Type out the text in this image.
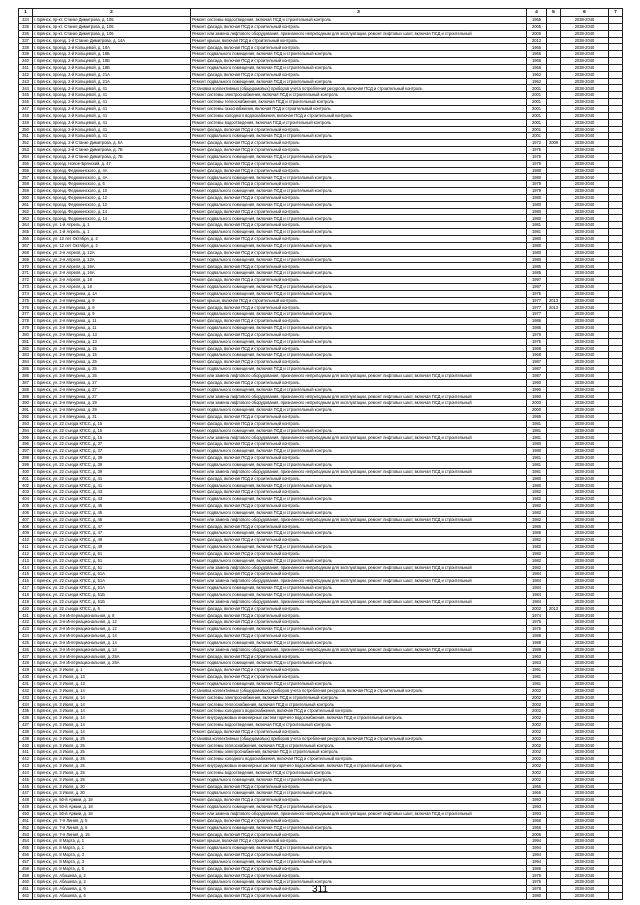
1	2	3	4	5	6	7
334	г. Брянск, пр-кт. Станке Димитрова, д. 105	Ремонт системы водоотведения, включая ПСД и строительный контроль	1965		2038-2040	
335	г. Брянск, пр-кт. Станке Димитрова, д. 106	Ремонт фасада, включая ПСД и строительный контроль	2005		2038-2040	
336	г. Брянск, пр-кт. Станке Димитрова, д. 106	Ремонт или замена лифтового оборудования, признанного непригодным для эксплуатации, ремонт лифтовых шахт, включая ПСД и строительный	2005		2038-2040	
337	г. Брянск, проезд. 1-й Станке Димитрова, д. 14А	Ремонт крыши, включая ПСД и строительный контроль	2013		2038-2040	
338	г. Брянск, проезд. 2-й Кольцевой, д. 18А	Ремонт фасада, включая ПСД и строительный контроль	1966		2038-2040	
339	г. Брянск, проезд. 2-й Кольцевой, д. 18Б	Ремонт подвального помещения, включая ПСД и строительный контроль	1966		2038-2040	
340	г. Брянск, проезд. 2-й Кольцевой, д. 18Б	Ремонт фасада, включая ПСД и строительный контроль	1966		2038-2040	
341	г. Брянск, проезд. 2-й Кольцевой, д. 18Б	Ремонт подвального помещения, включая ПСД и строительный контроль	1966		2038-2040	
342	г. Брянск, проезд. 2-й Кольцевой, д. 21А	Ремонт фасада, включая ПСД и строительный контроль	1962		2038-2040	
343	г. Брянск, проезд. 2-й Кольцевой, д. 21А	Ремонт подвального помещения, включая ПСД и строительный контроль	1962		2038-2040	
344	г. Брянск, проезд. 2-й Кольцевой, д. 41	Установка коллективных (общедомовых) приборов учета потребления ресурсов, включая ПСД и строительный контроль	2001		2038-2040	
345	г. Брянск, проезд. 2-й Кольцевой, д. 41	Ремонт системы электроснабжения, включая ПСД и строительный контроль	2001		2038-2040	
346	г. Брянск, проезд. 2-й Кольцевой, д. 41	Ремонт системы теплоснабжения, включая ПСД и строительный контроль	2001		2038-2040	
347	г. Брянск, проезд. 2-й Кольцевой, д. 41	Ремонт системы газоснабжения, включая ПСД и строительный контроль	2001		2038-2040	
348	г. Брянск, проезд. 2-й Кольцевой, д. 41	Ремонт системы холодного водоснабжения, включая ПСД и строительный контроль	2001		2038-2040	
349	г. Брянск, проезд. 2-й Кольцевой, д. 41	Ремонт системы водоотведения, включая ПСД и строительный контроль	2001		2038-2040	
350	г. Брянск, проезд. 2-й Кольцевой, д. 41	Ремонт фасада, включая ПСД и строительный контроль	2001		2038-2040	
351	г. Брянск, проезд. 2-й Кольцевой, д. 41	Ремонт подвального помещения, включая ПСД и строительный контроль	2001		2038-2040	
352	г. Брянск, проезд. 2-й Станке Димитрова, д. 5А	Ремонт фасада, включая ПСД и строительный контроль	1972	2009	2038-2040	
353	г. Брянск, проезд. 2-й Станке Димитрова, д. 7Б	Ремонт фасада, включая ПСД и строительный контроль	1976		2038-2040	
354	г. Брянск, проезд. 2-й Станке Димитрова, д. 7Б	Ремонт подвального помещения, включая ПСД и строительный контроль	1976		2038-2040	
355	г. Брянск, проезд. Новое-Брянский, д. 47	Ремонт фасада, включая ПСД и строительный контроль	1976		2038-2040	
356	г. Брянск, проезд. Федюнинского, д. 4А	Ремонт фасада, включая ПСД и строительный контроль	1980		2038-2040	
357	г. Брянск, проезд. Федюнинского, д. 4А	Ремонт подвального помещения, включая ПСД и строительный контроль	1980		2038-2040	
358	г. Брянск, проезд. Федюнинского, д. 6	Ремонт фасада, включая ПСД и строительный контроль	1979		2038-2040	
359	г. Брянск, проезд. Федюнинского, д. 10	Ремонт подвального помещения, включая ПСД и строительный контроль	1979		2038-2040	
360	г. Брянск, проезд. Федюнинского, д. 12	Ремонт фасада, включая ПСД и строительный контроль	1980		2038-2040	
361	г. Брянск, проезд. Федюнинского, д. 12	Ремонт подвального помещения, включая ПСД и строительный контроль	1980		2038-2040	
362	г. Брянск, проезд. Федюнинского, д. 14	Ремонт фасада, включая ПСД и строительный контроль	1980		2038-2040	
363	г. Брянск, проезд. Федюнинского, д. 14	Ремонт подвального помещения, включая ПСД и строительный контроль	1980		2038-2040	
364	г. Брянск, ул. 1-й Апрель, д. 1	Ремонт фасада, включая ПСД и строительный контроль	1981		2038-2040	
365	г. Брянск, ул. 1-й Апрель, д. 1	Ремонт подвального помещения, включая ПСД и строительный контроль	1981		2038-2040	
366	г. Брянск, ул. 12 лет Октября, д. 2	Ремонт фасада, включая ПСД и строительный контроль	1980		2038-2040	
367	г. Брянск, ул. 12 лет Октября, д. 2	Ремонт подвального помещения, включая ПСД и строительный контроль	1980		2038-2040	
368	г. Брянск, ул. 2-я Апреля, д. 12А	Ремонт фасада, включая ПСД и строительный контроль	1980		2038-2040	
369	г. Брянск, ул. 2-я Апреля, д. 12А	Ремонт подвального помещения, включая ПСД и строительный контроль	1980		2038-2040	
370	г. Брянск, ул. 2-я Апреля, д. 16А	Ремонт фасада, включая ПСД и строительный контроль	1985		2038-2040	
371	г. Брянск, ул. 2-я Апреля, д. 16А	Ремонт подвального помещения, включая ПСД и строительный контроль	1985		2038-2040	
372	г. Брянск, ул. 2-я Апреля, д. 18	Ремонт фасада, включая ПСД и строительный контроль	1997		2038-2040	
373	г. Брянск, ул. 2-я Апреля, д. 18	Ремонт подвального помещения, включая ПСД и строительный контроль	1997		2038-2040	
374	г. Брянск, ул. 2-я Мичурина, д. 1А	Ремонт подвального помещения, включая ПСД и строительный контроль	1976		2038-2040	
375	г. Брянск, ул. 2-я Мичурина, д. 9	Ремонт крыши, включая ПСД и строительный контроль	1977	2013	2038-2040	
376	г. Брянск, ул. 2-я Мичурина, д. 9	Ремонт фасада, включая ПСД и строительный контроль	1977	2013	2038-2040	
377	г. Брянск, ул. 2-я Мичурина, д. 9	Ремонт подвального помещения, включая ПСД и строительный контроль	1977		2038-2040	
378	г. Брянск, ул. 2-я Мичурина, д. 11	Ремонт фасада, включая ПСД и строительный контроль	1986		2038-2040	
379	г. Брянск, ул. 2-я Мичурина, д. 11	Ремонт подвального помещения, включая ПСД и строительный контроль	1986		2038-2040	
380	г. Брянск, ул. 2-я Мичурина, д. 13	Ремонт фасада, включая ПСД и строительный контроль	1976		2038-2040	
381	г. Брянск, ул. 2-я Мичурина, д. 13	Ремонт подвального помещения, включая ПСД и строительный контроль	1976		2038-2040	
382	г. Брянск, ул. 2-я Мичурина, д. 15	Ремонт фасада, включая ПСД и строительный контроль	1968		2038-2040	
383	г. Брянск, ул. 2-я Мичурина, д. 15	Ремонт подвального помещения, включая ПСД и строительный контроль	1968		2038-2040	
384	г. Брянск, ул. 2-я Мичурина, д. 25	Ремонт фасада, включая ПСД и строительный контроль	1987		2038-2040	
385	г. Брянск, ул. 2-я Мичурина, д. 25	Ремонт подвального помещения, включая ПСД и строительный контроль	1987		2038-2040	
386	г. Брянск, ул. 2-я Мичурина, д. 25	Ремонт или замена лифтового оборудования, признанного непригодным для эксплуатации, ремонт лифтовых шахт, включая ПСД и строительный	1987		2038-2040	
387	г. Брянск, ул. 2-я Мичурина, д. 27	Ремонт фасада, включая ПСД и строительный контроль	1990		2038-2040	
388	г. Брянск, ул. 2-я Мичурина, д. 27	Ремонт подвального помещения, включая ПСД и строительный контроль	1990		2038-2040	
389	г. Брянск, ул. 2-я Мичурина, д. 27	Ремонт или замена лифтового оборудования, признанного непригодным для эксплуатации, ремонт лифтовых шахт, включая ПСД и строительный	1990		2038-2040	
390	г. Брянск, ул. 2-я Мичурина, д. 29	Ремонт или замена лифтового оборудования, признанного непригодным для эксплуатации, ремонт лифтовых шахт, включая ПСД и строительный	2000		2038-2040	
391	г. Брянск, ул. 2-я Мичурина, д. 29	Ремонт подвального помещения, включая ПСД и строительный контроль	2000		2038-2040	
392	г. Брянск, ул. 2-я Мичурина, д. 31	Ремонт фасада, включая ПСД и строительный контроль	1995		2038-2040	
393	г. Брянск, ул. 22 съезда КПСС, д. 15	Ремонт фасада, включая ПСД и строительный контроль	1981		2038-2040	
394	г. Брянск, ул. 22 съезда КПСС, д. 15	Ремонт подвального помещения, включая ПСД и строительный контроль	1981		2038-2040	
395	г. Брянск, ул. 22 съезда КПСС, д. 15	Ремонт или замена лифтового оборудования, признанного непригодным для эксплуатации, ремонт лифтовых шахт, включая ПСД и строительный	1981		2038-2040	
396	г. Брянск, ул. 22 съезда КПСС, д. 37	Ремонт фасада, включая ПСД и строительный контроль	1980		2038-2040	
397	г. Брянск, ул. 22 съезда КПСС, д. 37	Ремонт подвального помещения, включая ПСД и строительный контроль	1980		2038-2040	
398	г. Брянск, ул. 22 съезда КПСС, д. 39	Ремонт фасада, включая ПСД и строительный контроль	1981		2038-2040	
399	г. Брянск, ул. 22 съезда КПСС, д. 39	Ремонт подвального помещения, включая ПСД и строительный контроль	1981		2038-2040	
400	г. Брянск, ул. 22 съезда КПСС, д. 39	Ремонт или замена лифтового оборудования, признанного непригодным для эксплуатации, ремонт лифтовых шахт, включая ПСД и строительный	1981		2038-2040	
401	г. Брянск, ул. 22 съезда КПСС, д. 41	Ремонт фасада, включая ПСД и строительный контроль	1980		2038-2040	
402	г. Брянск, ул. 22 съезда КПСС, д. 41	Ремонт подвального помещения, включая ПСД и строительный контроль	1980		2038-2040	
403	г. Брянск, ул. 22 съезда КПСС, д. 43	Ремонт фасада, включая ПСД и строительный контроль	1982		2038-2040	
404	г. Брянск, ул. 22 съезда КПСС, д. 43	Ремонт подвального помещения, включая ПСД и строительный контроль	1982		2038-2040	
405	г. Брянск, ул. 22 съезда КПСС, д. 45	Ремонт фасада, включая ПСД и строительный контроль	1982		2038-2040	
406	г. Брянск, ул. 22 съезда КПСС, д. 45	Ремонт подвального помещения, включая ПСД и строительный контроль	1982		2038-2040	
407	г. Брянск, ул. 22 съезда КПСС, д. 45	Ремонт или замена лифтового оборудования, признанного непригодным для эксплуатации, ремонт лифтовых шахт, включая ПСД и строительный	1982		2038-2040	
408	г. Брянск, ул. 22 съезда КПСС, д. 47	Ремонт фасада, включая ПСД и строительный контроль	1986		2038-2040	
409	г. Брянск, ул. 22 съезда КПСС, д. 47	Ремонт подвального помещения, включая ПСД и строительный контроль	1986		2038-2040	
410	г. Брянск, ул. 22 съезда КПСС, д. 49	Ремонт фасада, включая ПСД и строительный контроль	1982		2038-2040	
411	г. Брянск, ул. 22 съезда КПСС, д. 49	Ремонт подвального помещения, включая ПСД и строительный контроль	1982		2038-2040	
412	г. Брянск, ул. 22 съезда КПСС, д. 51	Ремонт фасада, включая ПСД и строительный контроль	1982		2038-2040	
413	г. Брянск, ул. 22 съезда КПСС, д. 51	Ремонт подвального помещения, включая ПСД и строительный контроль	1982		2038-2040	
414	г. Брянск, ул. 22 съезда КПСС, д. 51	Ремонт или замена лифтового оборудования, признанного непригодным для эксплуатации, ремонт лифтовых шахт, включая ПСД и строительный	1982		2038-2040	
415	г. Брянск, ул. 22 съезда КПСС, д. 51А	Ремонт фасада, включая ПСД и строительный контроль	1984		2038-2040	
416	г. Брянск, ул. 22 съезда КПСС, д. 51А	Ремонт или замена лифтового оборудования, признанного непригодным для эксплуатации, ремонт лифтовых шахт, включая ПСД и строительный	1984		2038-2040	
417	г. Брянск, ул. 22 съезда КПСС, д. 51А	Ремонт подвального помещения, включая ПСД и строительный контроль	1984		2038-2040	
418	г. Брянск, ул. 22 съезда КПСС, д. 51Б	Ремонт подвального помещения, включая ПСД и строительный контроль	1984		2038-2040	
419	г. Брянск, ул. 22 съезда КПСС, д. 51Б	Ремонт или замена лифтового оборудования, признанного непригодным для эксплуатации, ремонт лифтовых шахт, включая ПСД и строительный	1984		2038-2040	
420	г. Брянск, ул. 22 съезда КПСС, д. 6	Ремонт фасада, включая ПСД и строительный контроль	2002	2013	2038-2040	
421	г. Брянск, ул. 3-я Интернациональная, д. 8	Ремонт фасада, включая ПСД и строительный контроль	1974		2038-2040	
422	г. Брянск, ул. 3-я Интернациональная, д. 12	Ремонт фасада, включая ПСД и строительный контроль	1976		2038-2040	
423	г. Брянск, ул. 3-я Интернациональная, д. 12	Ремонт подвального помещения, включая ПСД и строительный контроль	1976		2038-2040	
424	г. Брянск, ул. 3-я Интернациональная, д. 14	Ремонт фасада, включая ПСД и строительный контроль	1988		2038-2040	
425	г. Брянск, ул. 3-я Интернациональная, д. 14	Ремонт подвального помещения, включая ПСД и строительный контроль	1988		2038-2040	
426	г. Брянск, ул. 3-я Интернациональная, д. 14	Ремонт или замена лифтового оборудования, признанного непригодным для эксплуатации, ремонт лифтовых шахт, включая ПСД и строительный	1988		2038-2040	
427	г. Брянск, ул. 3-я Интернациональная, д. 25А	Ремонт фасада, включая ПСД и строительный контроль	1963		2038-2040	
428	г. Брянск, ул. 3-я Интернациональная, д. 25А	Ремонт подвального помещения, включая ПСД и строительный контроль	1963		2038-2040	
429	г. Брянск, ул. 3 Июля, д. 1	Ремонт фасада, включая ПСД и строительный контроль	1991		2038-2040	
430	г. Брянск, ул. 3 Июля, д. 13	Ремонт фасада, включая ПСД и строительный контроль	1981		2038-2040	
431	г. Брянск, ул. 3 Июля, д. 13	Ремонт подвального помещения, включая ПСД и строительный контроль	1981		2038-2040	
432	г. Брянск, ул. 3 Июля, д. 14	Установка коллективных (общедомовых) приборов учета потребления ресурсов, включая ПСД и строительный контроль	2002		2038-2040	
433	г. Брянск, ул. 3 Июля, д. 14	Ремонт системы электроснабжения, включая ПСД и строительный контроль	2002		2038-2040	
434	г. Брянск, ул. 3 Июля, д. 14	Ремонт системы теплоснабжения, включая ПСД и строительный контроль	2002		2038-2040	
435	г. Брянск, ул. 3 Июля, д. 14	Ремонт системы холодного водоснабжения, включая ПСД и строительный контроль	2002		2038-2040	
436	г. Брянск, ул. 3 Июля, д. 14	Ремонт внутридомовых инженерных систем горячего водоснабжения, включая ПСД и строительный контроль	2002		2038-2040	
437	г. Брянск, ул. 3 Июля, д. 14	Ремонт системы водоотведения, включая ПСД и строительный контроль	2002		2038-2040	
438	г. Брянск, ул. 3 Июля, д. 14	Ремонт фасада, включая ПСД и строительный контроль	2002		2038-2040	
439	г. Брянск, ул. 3 Июля, д. 25	Установка коллективных (общедомовых) приборов учета потребления ресурсов, включая ПСД и строительный контроль	2002		2038-2040	
440	г. Брянск, ул. 3 Июля, д. 25	Ремонт системы теплоснабжения, включая ПСД и строительный контроль	2002		2038-2040	
441	г. Брянск, ул. 3 Июля, д. 25	Ремонт системы электроснабжения, включая ПСД и строительный контроль	2002		2038-2040	
442	г. Брянск, ул. 3 Июля, д. 25	Ремонт системы холодного водоснабжения, включая ПСД и строительный контроль	2002		2038-2040	
443	г. Брянск, ул. 3 Июля, д. 25	Ремонт внутридомовых инженерных систем горячего водоснабжения, включая ПСД и строительный контроль	2002		2038-2040	
444	г. Брянск, ул. 3 Июля, д. 25	Ремонт системы водоотведения, включая ПСД и строительный контроль	2002		2038-2040	
445	г. Брянск, ул. 3 Июля, д. 25	Ремонт подвального помещения, включая ПСД и строительный контроль	2002		2038-2040	
446	г. Брянск, ул. 3 Июля, д. 30	Ремонт фасада, включая ПСД и строительный контроль	1966		2038-2040	
447	г. Брянск, ул. 3 Июля, д. 30	Ремонт подвального помещения, включая ПСД и строительный контроль	1966		2038-2040	
448	г. Брянск, ул. 50-й Армии, д. 18	Ремонт фасада, включая ПСД и строительный контроль	1993		2038-2040	
449	г. Брянск, ул. 50-й Армии, д. 18	Ремонт подвального помещения, включая ПСД и строительный контроль	1993		2038-2040	
450	г. Брянск, ул. 50-й Армии, д. 18	Ремонт или замена лифтового оборудования, признанного непригодным для эксплуатации, ремонт лифтовых шахт, включая ПСД и строительный	1993		2038-2040	
451	г. Брянск, ул. 7-я Линия, д. 5	Ремонт фасада, включая ПСД и строительный контроль	1956		2038-2040	
452	г. Брянск, ул. 7-я Линия, д. 5	Ремонт подвального помещения, включая ПСД и строительный контроль	1956		2038-2040	
453	г. Брянск, ул. 7-я Линия, д. 15	Ремонт фасада, включая ПСД и строительный контроль	2006		2038-2040	
454	г. Брянск, ул. 8 Марта, д. 1	Ремонт крыши, включая ПСД и строительный контроль	1994		2038-2040	
455	г. Брянск, ул. 8 Марта, д. 1	Ремонт подвального помещения, включая ПСД и строительный контроль	1994		2038-2040	
456	г. Брянск, ул. 8 Марта, д. 3	Ремонт фасада, включая ПСД и строительный контроль	1994		2038-2040	
457	г. Брянск, ул. 8 Марта, д. 3	Ремонт подвального помещения, включая ПСД и строительный контроль	1994		2038-2040	
458	г. Брянск, ул. 8 Марта, д. 5	Ремонт фасада, включая ПСД и строительный контроль	1986		2038-2040	
459	г. Брянск, ул. Абашева, д. 2	Ремонт фасада, включая ПСД и строительный контроль	1976		2038-2040	
460	г. Брянск, ул. Абашева, д. 2	Ремонт подвального помещения, включая ПСД и строительный контроль	1976		2038-2040	
461	г. Брянск, ул. Абашева, д. 6	Ремонт фасада, включая ПСД и строительный контроль	1978		2038-2040	
462	г. Брянск, ул. Абашева, д. 6	Ремонт фасада, включая ПСД и строительный контроль	1980		2038-2040	
311
